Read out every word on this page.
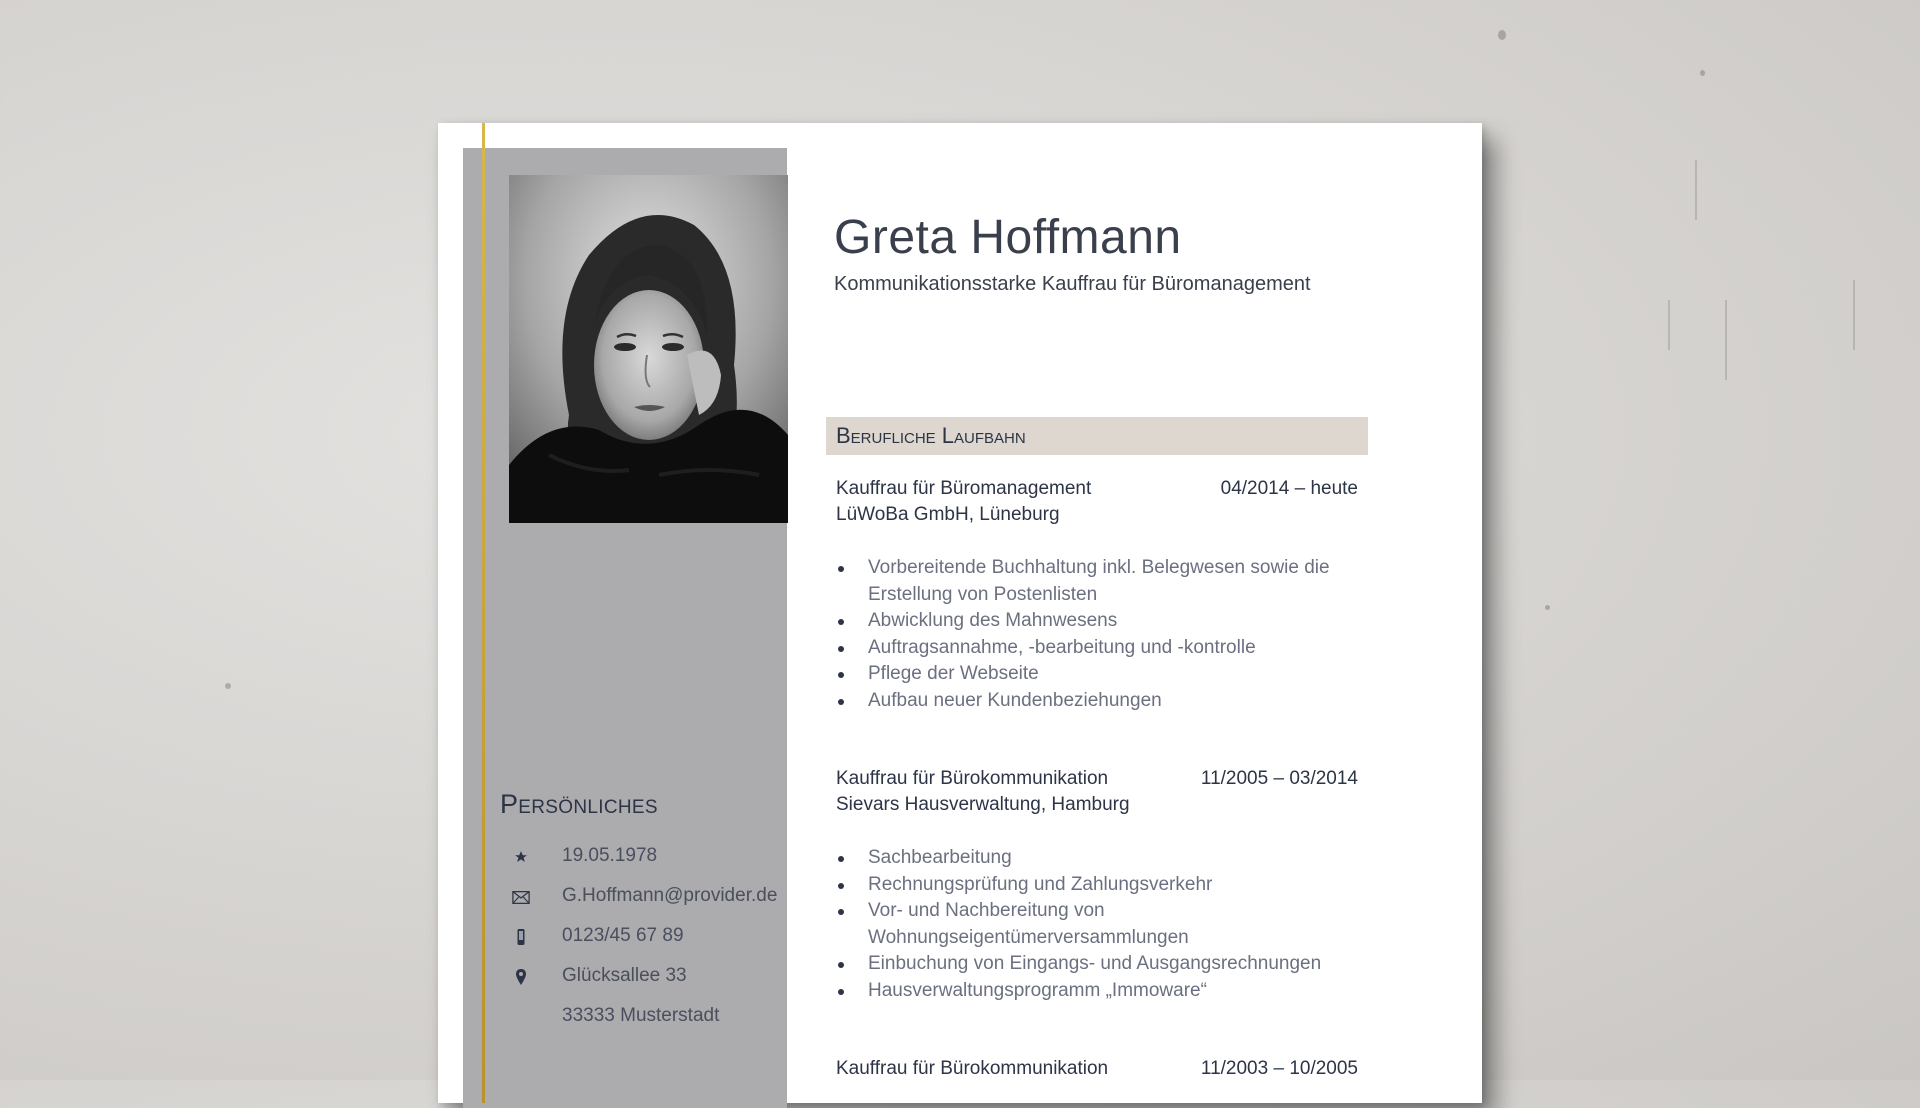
Greta Hoffmann
Kommunikationsstarke Kauffrau für Büromanagement
Persönliches
19.05.1978
G.Hoffmann@provider.de
0123/45 67 89
Glücksallee 33
33333 Musterstadt
Berufliche Laufbahn
Kauffrau für Büromanagement	04/2014 – heute
LüWoBa GmbH, Lüneburg
Vorbereitende Buchhaltung inkl. Belegwesen sowie die
Erstellung von Postenlisten
Abwicklung des Mahnwesens
Auftragsannahme, -bearbeitung und -kontrolle
Pflege der Webseite
Aufbau neuer Kundenbeziehungen
Kauffrau für Bürokommunikation	11/2005 – 03/2014
Sievars Hausverwaltung, Hamburg
Sachbearbeitung
Rechnungsprüfung und Zahlungsverkehr
Vor- und Nachbereitung von
Wohnungseigentümerversammlungen
Einbuchung von Eingangs- und Ausgangsrechnungen
Hausverwaltungsprogramm „Immoware“
Kauffrau für Bürokommunikation	11/2003 – 10/2005
